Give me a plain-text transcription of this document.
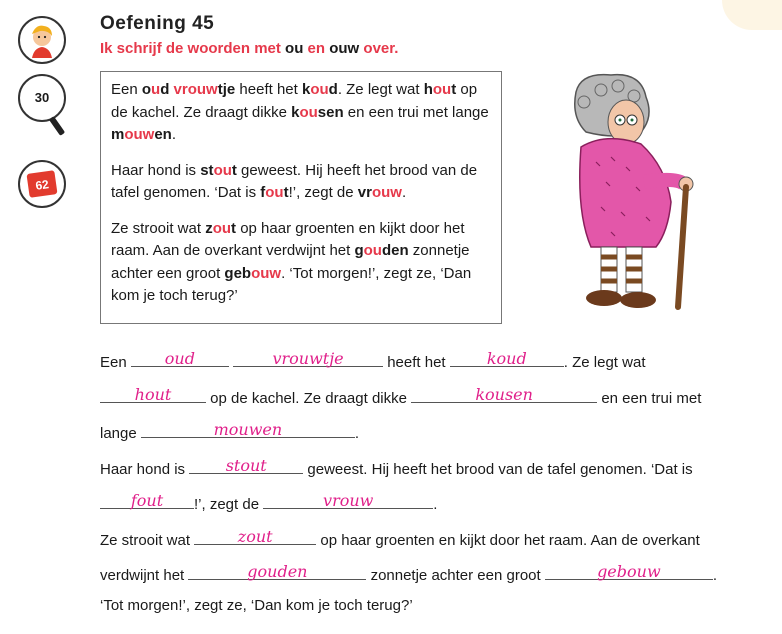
30
62
Oefening 45
Ik schrijf de woorden met ou en ouw over.

Een oud vrouwtje heeft het koud. Ze legt wat hout op de kachel. Ze draagt dikke kousen en een trui met lange mouwen.

Haar hond is stout geweest. Hij heeft het brood van de tafel genomen. ‘Dat is fout!’, zegt de vrouw.

Ze strooit wat zout op haar groenten en kijkt door het raam. Aan de overkant verdwijnt het gouden zonnetje achter een groot gebouw. ‘Tot morgen!’, zegt ze, ‘Dan kom je toch terug?’

Een	oud
	vrouwtje	heeft het	koud	. Ze legt wat
hout	op de kachel. Ze draagt dikke	kousen	en een trui met
lange	mouwen	.
Haar hond is	stout	geweest. Hij heeft het brood van de tafel genomen. ‘Dat is
fout	!’, zegt de	vrouw	.
Ze strooit wat	zout	op haar groenten en kijkt door het raam. Aan de overkant
verdwijnt het	gouden	zonnetje achter een groot	gebouw	.
‘Tot morgen!’, zegt ze, ‘Dan kom je toch terug?’
